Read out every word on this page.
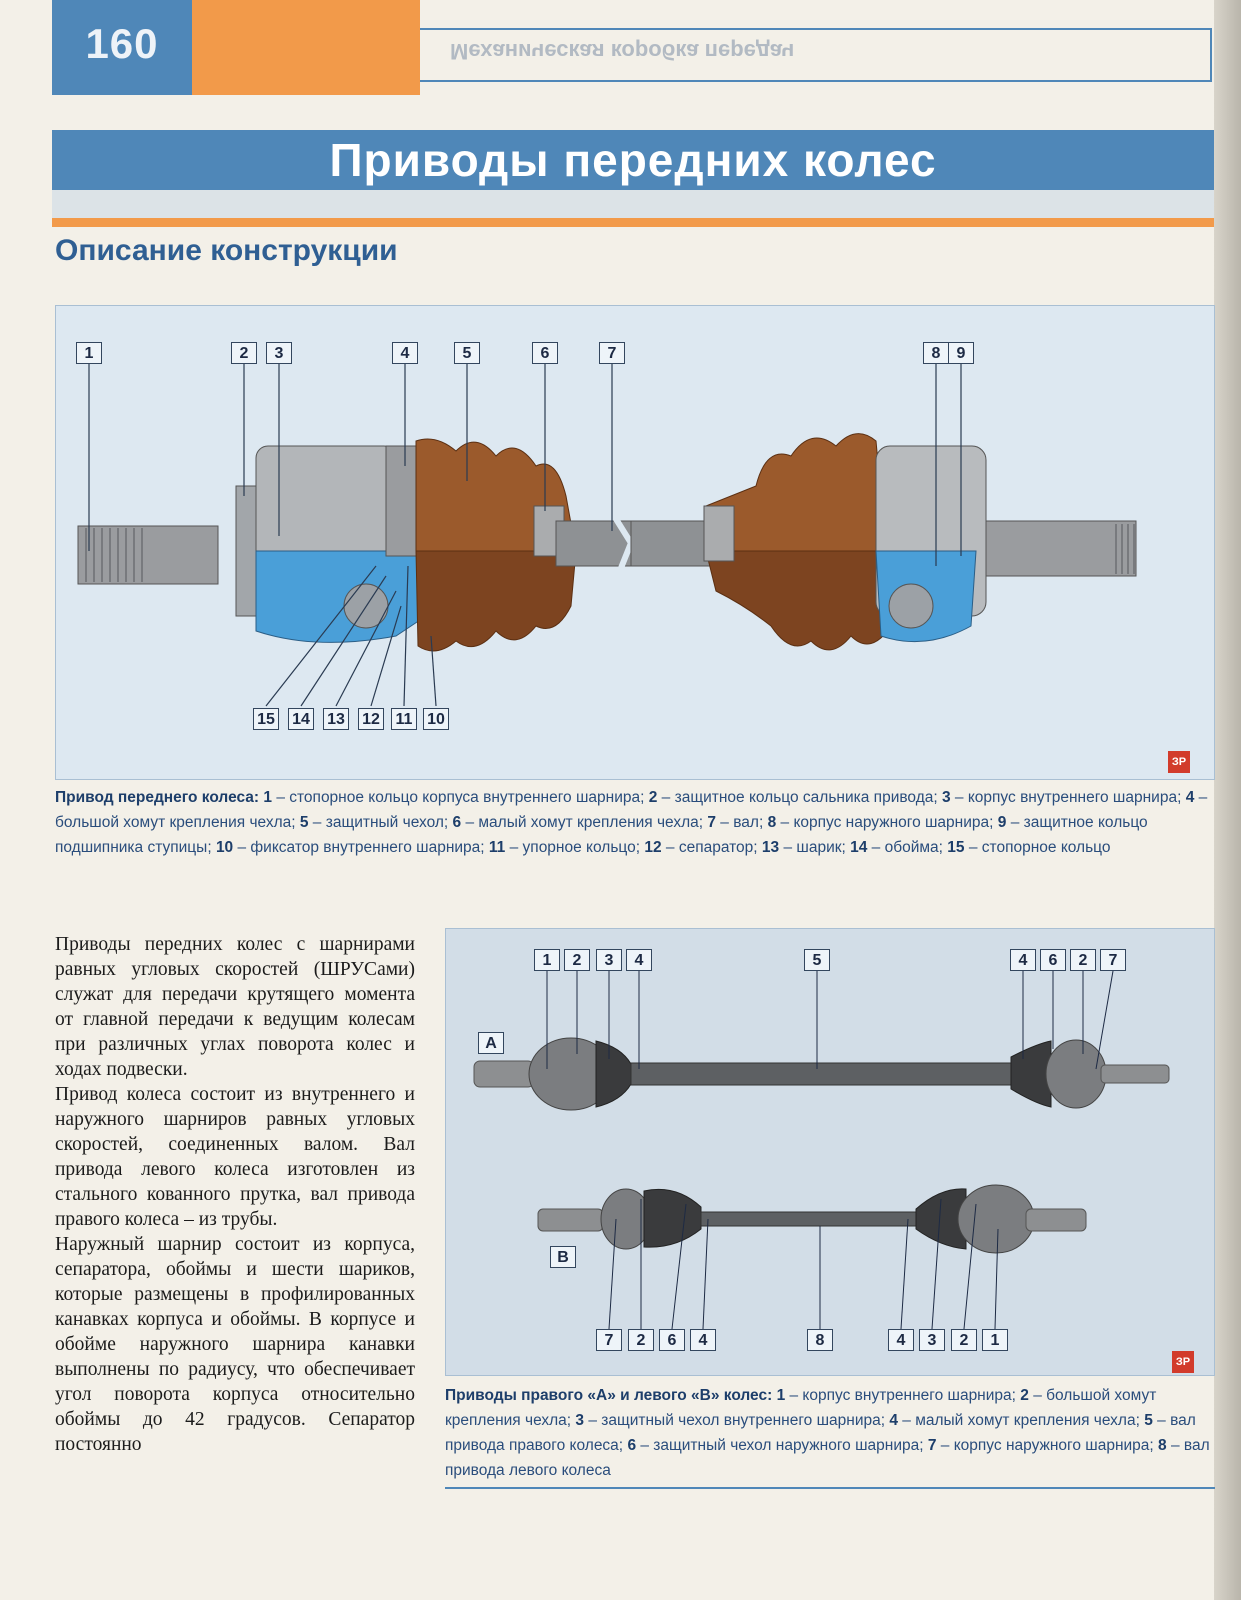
160	Механическая коробка передач
Приводы передних колес
Описание конструкции
1	2	3	4	5	6	7	8	9
15 14 13 12 11 10
ЗР
Привод переднего колеса: 1 – стопорное кольцо корпуса внутреннего шарнира; 2 – защитное кольцо сальника привода; 3 – корпус внутреннего шарнира; 4 – большой хомут крепления чехла; 5 – защитный чехол; 6 – малый хомут крепления чехла; 7 – вал; 8 – корпус наружного шарнира; 9 – защитное кольцо подшипника ступицы; 10 – фиксатор внутреннего шарнира; 11 – упорное кольцо; 12 – сепаратор; 13 – шарик; 14 – обойма; 15 – стопорное кольцо

Приводы передних колес с шарнирами равных угловых скоростей (ШРУСами) служат для передачи крутящего момента от главной передачи к ведущим колесам при различных углах поворота колес и ходах подвески.

Привод колеса состоит из внутреннего и наружного шарниров равных угловых скоростей, соединенных валом. Вал привода левого колеса изготовлен из стального кованного прутка, вал привода правого колеса – из трубы.

Наружный шарнир состоит из корпуса, сепаратора, обоймы и шести шариков, которые размещены в профилированных канавках корпуса и обоймы. В корпусе и обойме наружного шарнира канавки выполнены по радиусу, что обеспечивает угол поворота корпуса относительно обоймы до 42 градусов. Сепаратор постоянно

A
B
1	2	3	4	5	4	6	2	7
7	2	6	4	8	4	3	2	1
ЗР
Приводы правого «А» и левого «В» колес: 1 – корпус внутреннего шарнира; 2 – большой хомут крепления чехла; 3 – защитный чехол внутреннего шарнира; 4 – малый хомут крепления чехла; 5 – вал привода правого колеса; 6 – защитный чехол наружного шарнира; 7 – корпус наружного шарнира; 8 – вал привода левого колеса
